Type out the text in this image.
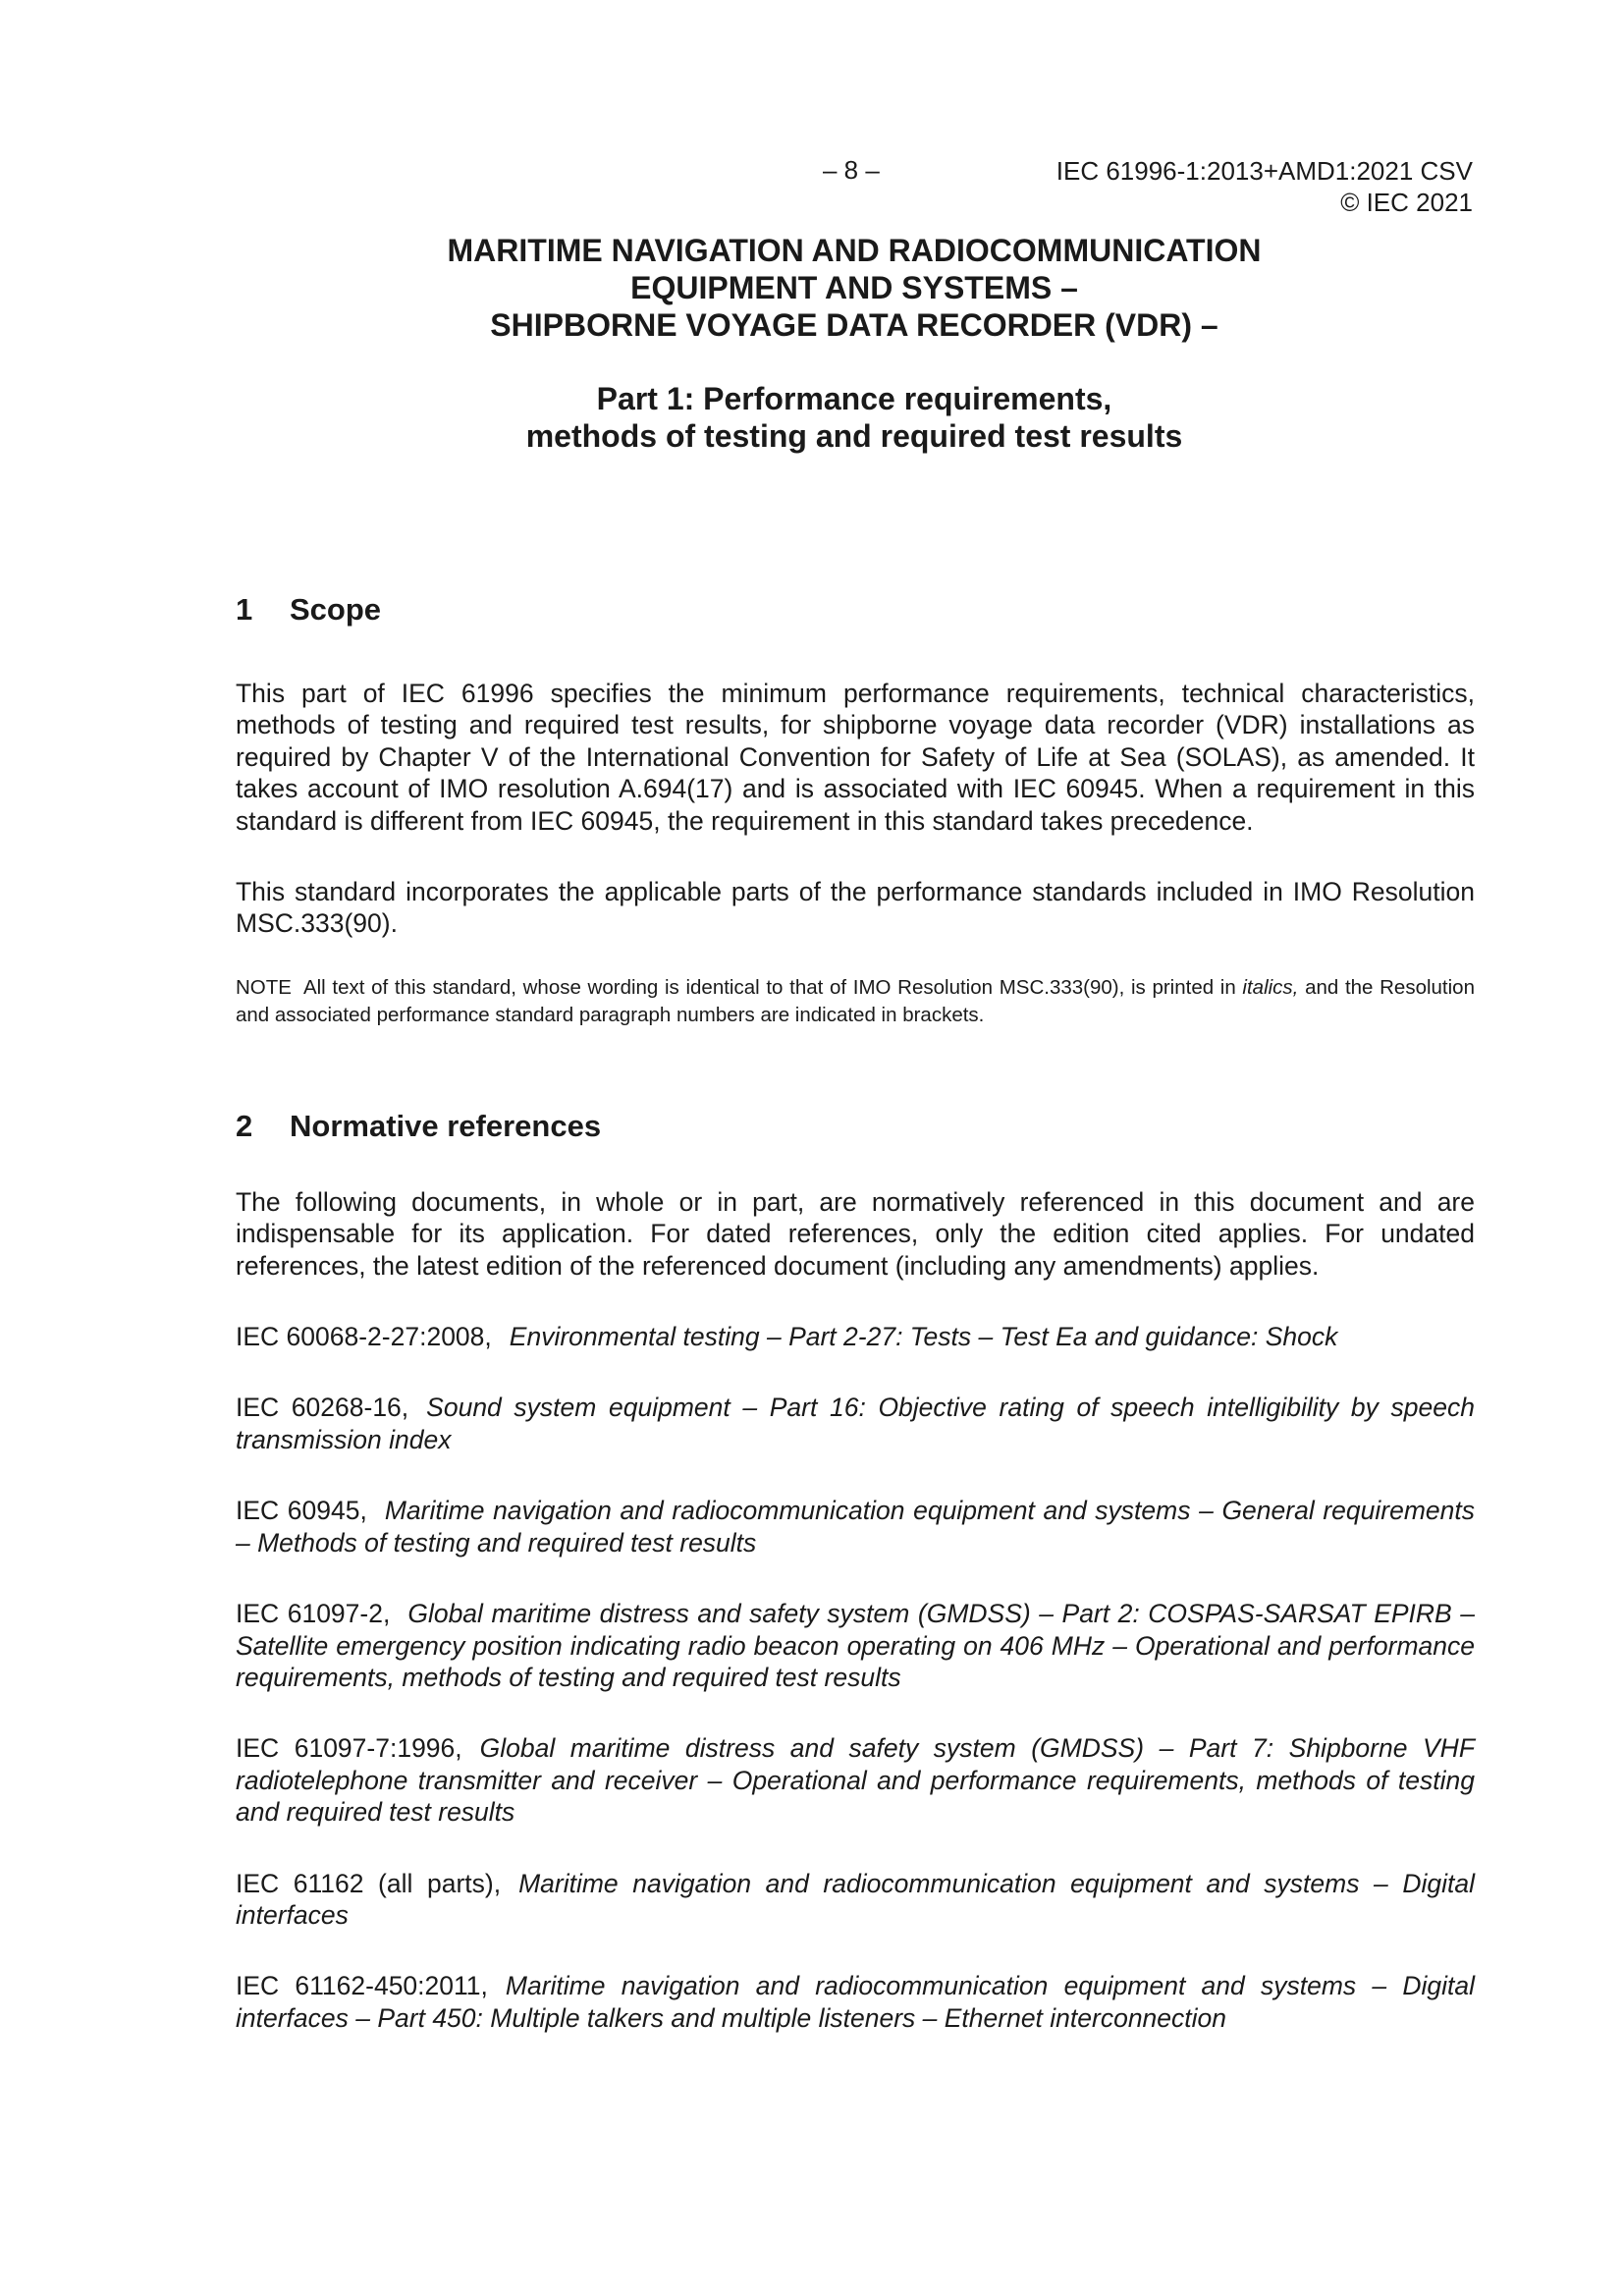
– 8 –	IEC 61996-1:2013+AMD1:2021 CSV
© IEC 2021
MARITIME NAVIGATION AND RADIOCOMMUNICATION
EQUIPMENT AND SYSTEMS –
SHIPBORNE VOYAGE DATA RECORDER (VDR) –
Part 1: Performance requirements,
methods of testing and required test results
1 Scope

This part of IEC 61996 specifies the minimum performance requirements, technical characteristics, methods of testing and required test results, for shipborne voyage data recorder (VDR) installations as required by Chapter V of the International Convention for Safety of Life at Sea (SOLAS), as amended. It takes account of IMO resolution A.694(17) and is associated with IEC 60945. When a requirement in this standard is different from IEC 60945, the requirement in this standard takes precedence.

This standard incorporates the applicable parts of the performance standards included in IMO Resolution MSC.333(90).

NOTE All text of this standard, whose wording is identical to that of IMO Resolution MSC.333(90), is printed in italics, and the Resolution and associated performance standard paragraph numbers are indicated in brackets.

2 Normative references

The following documents, in whole or in part, are normatively referenced in this document and are indispensable for its application. For dated references, only the edition cited applies. For undated references, the latest edition of the referenced document (including any amendments) applies.

IEC 60068-2-27:2008, Environmental testing – Part 2-27: Tests – Test Ea and guidance: Shock

IEC 60268-16, Sound system equipment – Part 16: Objective rating of speech intelligibility by speech transmission index

IEC 60945, Maritime navigation and radiocommunication equipment and systems – General requirements – Methods of testing and required test results

IEC 61097-2, Global maritime distress and safety system (GMDSS) – Part 2: COSPAS-SARSAT EPIRB – Satellite emergency position indicating radio beacon operating on 406 MHz – Operational and performance requirements, methods of testing and required test results

IEC 61097-7:1996, Global maritime distress and safety system (GMDSS) – Part 7: Shipborne VHF radiotelephone transmitter and receiver – Operational and performance requirements, methods of testing and required test results

IEC 61162 (all parts), Maritime navigation and radiocommunication equipment and systems – Digital interfaces

IEC 61162-450:2011, Maritime navigation and radiocommunication equipment and systems – Digital interfaces – Part 450: Multiple talkers and multiple listeners – Ethernet interconnection
